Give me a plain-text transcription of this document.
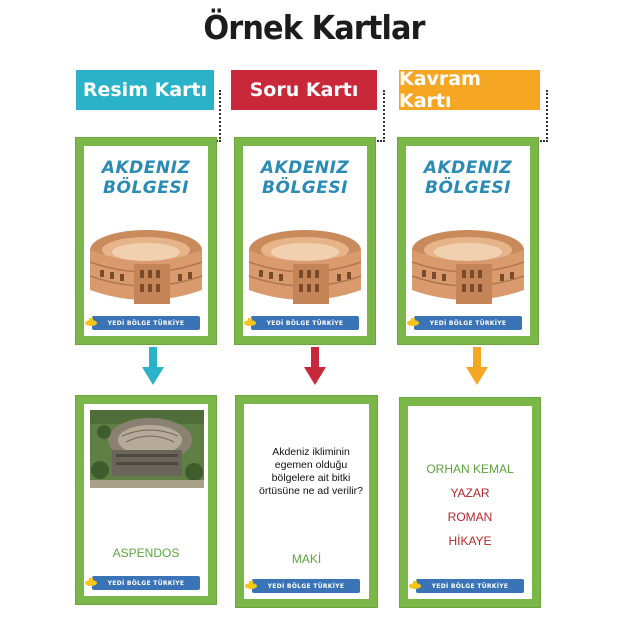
Örnek Kartlar
Resim Kartı Soru Kartı Kavram Kartı
AKDENIZ
BÖLGESI
YEDİ BÖLGE TÜRKİYE
AKDENIZ
BÖLGESI
YEDİ BÖLGE TÜRKİYE
AKDENIZ
BÖLGESI
YEDİ BÖLGE TÜRKİYE
ASPENDOS
YEDİ BÖLGE TÜRKİYE
Akdeniz ikliminin
egemen olduğu
bölgelere ait bitki
örtüsüne ne ad verilir?
MAKİ
YEDİ BÖLGE TÜRKİYE
ORHAN KEMAL
YAZAR
ROMAN
HİKAYE
YEDİ BÖLGE TÜRKİYE
